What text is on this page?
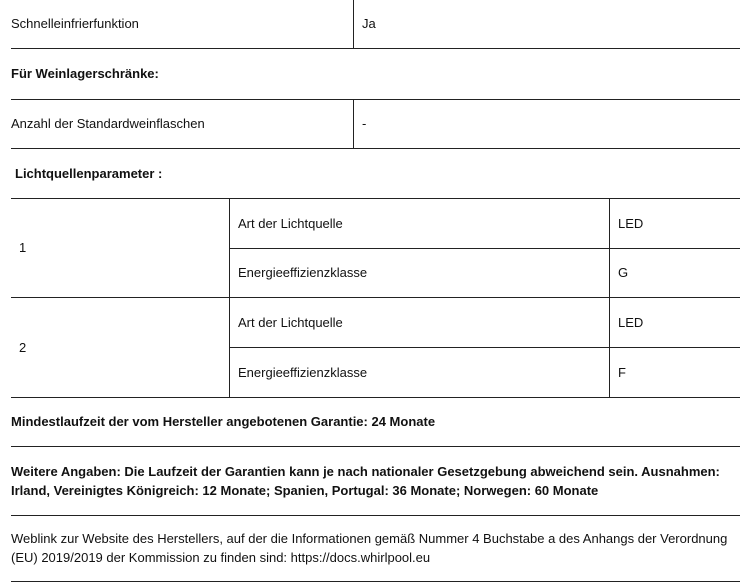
Schnelleinfrierfunktion	Ja
Für Weinlagerschränke:
Anzahl der Standardweinflaschen	-
Lichtquellenparameter :
1
Art der Lichtquelle	LED
Energieeffizienzklasse	G
2
Art der Lichtquelle	LED
Energieeffizienzklasse	F
Mindestlaufzeit der vom Hersteller angebotenen Garantie: 24 Monate
Weitere Angaben: Die Laufzeit der Garantien kann je nach nationaler Gesetzgebung abweichend sein. Ausnahmen: Irland, Vereinigtes Königreich: 12 Monate; Spanien, Portugal: 36 Monate; Norwegen: 60 Monate
Weblink zur Website des Herstellers, auf der die Informationen gemäß Nummer 4 Buchstabe a des Anhangs der Verordnung (EU) 2019/2019 der Kommission zu finden sind: https://docs.whirlpool.eu
